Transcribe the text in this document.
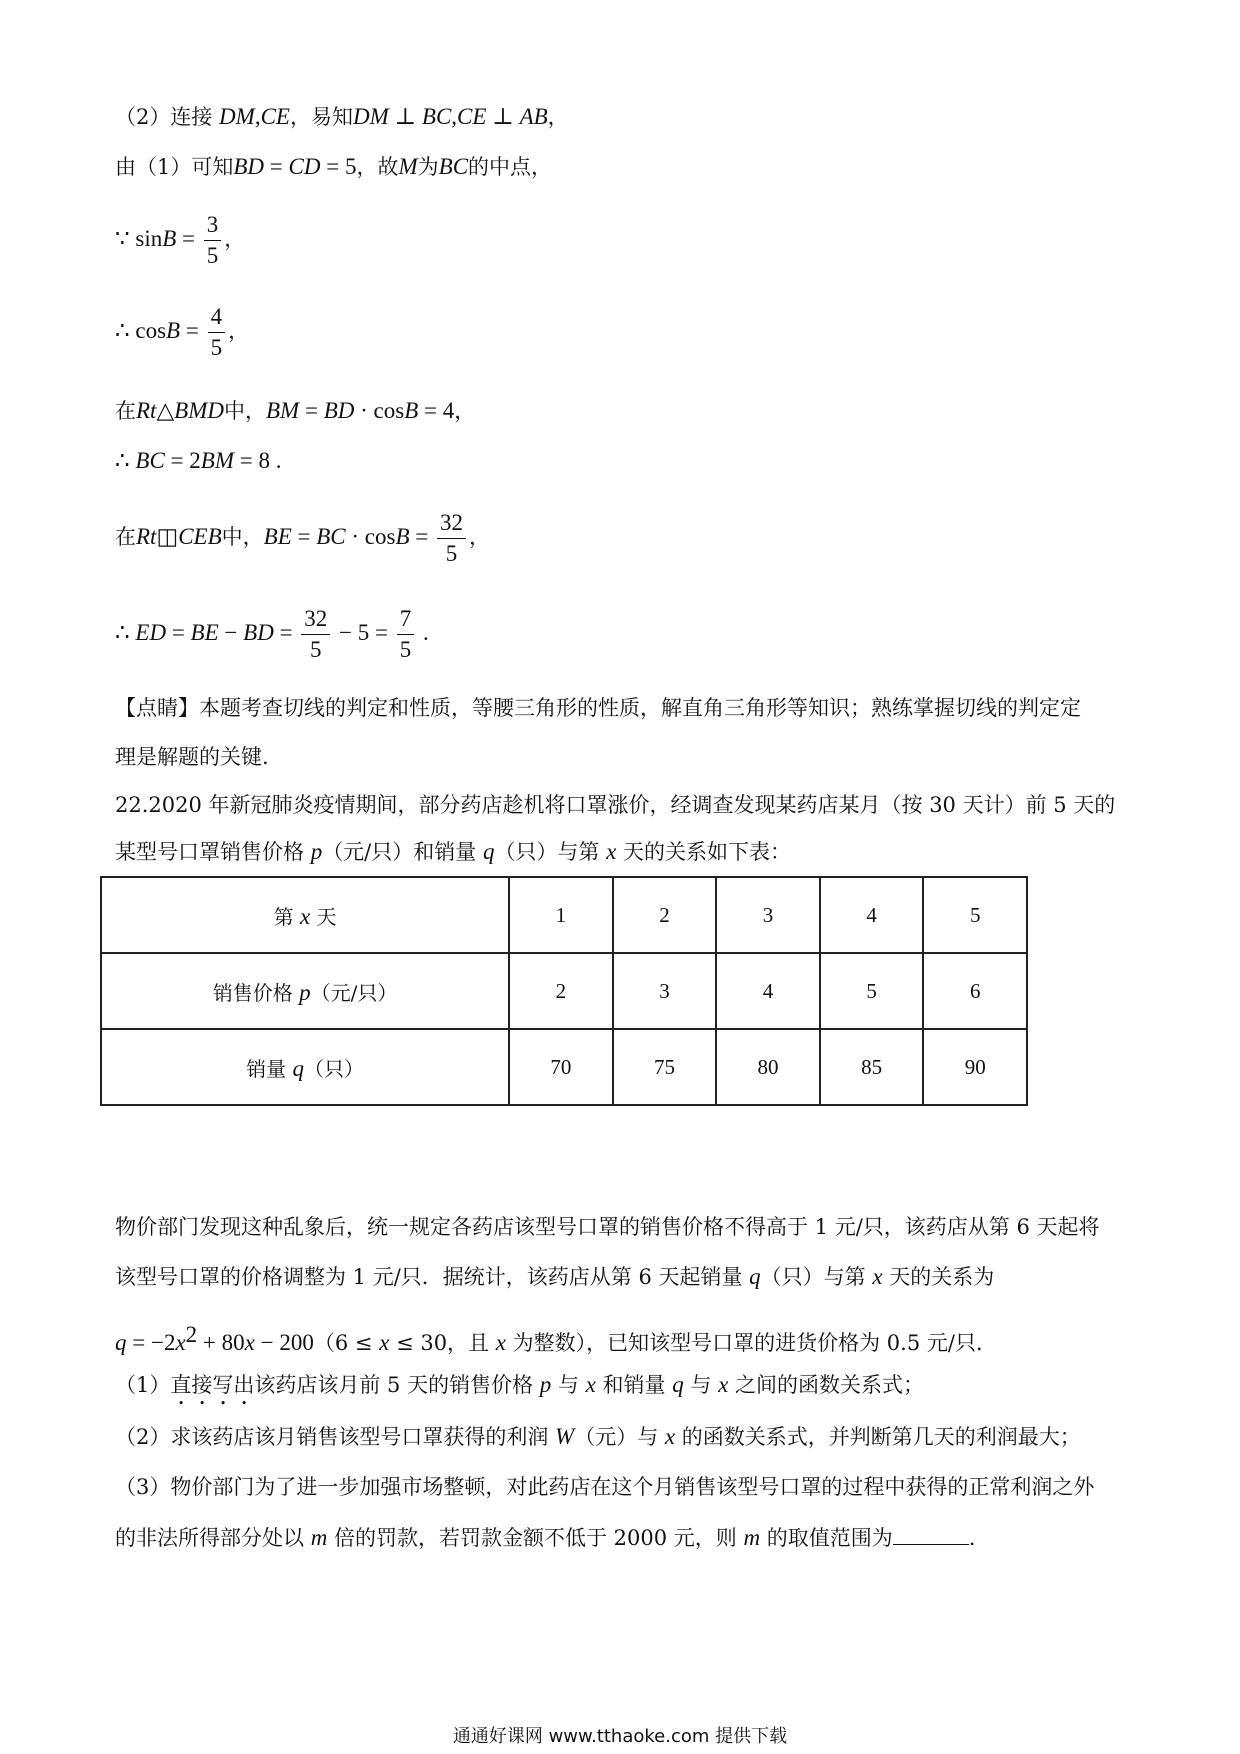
（2）连接 DM,CE，易知DM ⊥ BC,CE ⊥ AB，
由（1）可知BD = CD = 5，故M为BC的中点，
∵ $\sin B = \frac{3}{5}$ ，
∴ $\cos B = \frac{4}{5}$ ，
在Rt△BMD中，BM = BD · cosB = 4，
∴ BC = 2BM = 8 .
在Rt◫CEB中，BE = BC · $\cos B = \frac{32}{5}$ ，
∴ ED = BE − BD = $\frac{32}{5} - 5 = \frac{7}{5}$ .
【点睛】本题考查切线的判定和性质，等腰三角形的性质，解直角三角形等知识；熟练掌握切线的判定定
理是解题的关键.
22.2020 年新冠肺炎疫情期间，部分药店趁机将口罩涨价，经调查发现某药店某月（按 30 天计）前 5 天的
某型号口罩销售价格 p（元/只）和销量 q（只）与第 x 天的关系如下表：
第 x 天	1	2	3	4	5
销售价格 p（元/只）	2	3	4	5	6
销量 q（只）	70	75	80	85	90
物价部门发现这种乱象后，统一规定各药店该型号口罩的销售价格不得高于 1 元/只，该药店从第 6 天起将
该型号口罩的价格调整为 1 元/只．据统计，该药店从第 6 天起销量 q（只）与第 x 天的关系为
$q = -2x^2 + 80x - 200(6 \le x \le 30$，且 x 为整数），已知该型号口罩的进货价格为 0.5 元/只．
（1）直接写出该药店该月前 5 天的销售价格 p 与 x 和销量 q 与 x 之间的函数关系式；
（2）求该药店该月销售该型号口罩获得的利润 W（元）与 x 的函数关系式，并判断第几天的利润最大；
（3）物价部门为了进一步加强市场整顿，对此药店在这个月销售该型号口罩的过程中获得的正常利润之外
的非法所得部分处以 m 倍的罚款，若罚款金额不低于 2000 元，则 m 的取值范围为	.
通通好课网 www.tthaoke.com 提供下载
